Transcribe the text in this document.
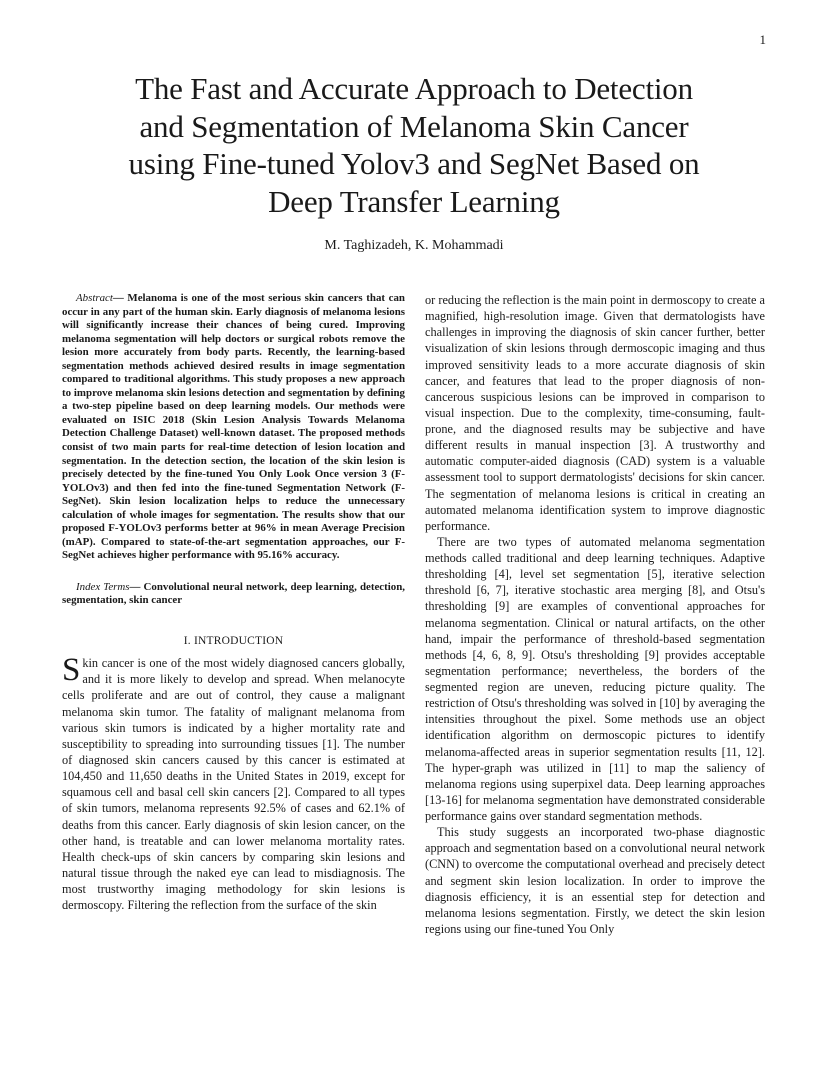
1
The Fast and Accurate Approach to Detection
and Segmentation of Melanoma Skin Cancer
using Fine-tuned Yolov3 and SegNet Based on
Deep Transfer Learning
M. Taghizadeh, K. Mohammadi

Abstract— Melanoma is one of the most serious skin cancers that can occur in any part of the human skin. Early diagnosis of melanoma lesions will significantly increase their chances of being cured. Improving melanoma segmentation will help doctors or surgical robots remove the lesion more accurately from body parts. Recently, the learning-based segmentation methods achieved desired results in image segmentation compared to traditional algorithms. This study proposes a new approach to improve melanoma skin lesions detection and segmentation by defining a two-step pipeline based on deep learning models. Our methods were evaluated on ISIC 2018 (Skin Lesion Analysis Towards Melanoma Detection Challenge Dataset) well-known dataset. The proposed methods consist of two main parts for real-time detection of lesion location and segmentation. In the detection section, the location of the skin lesion is precisely detected by the fine-tuned You Only Look Once version 3 (F-YOLOv3) and then fed into the fine-tuned Segmentation Network (F-SegNet). Skin lesion localization helps to reduce the unnecessary calculation of whole images for segmentation. The results show that our proposed F-YOLOv3 performs better at 96% in mean Average Precision (mAP). Compared to state-of-the-art segmentation approaches, our F-SegNet achieves higher performance with 95.16% accuracy.

Index Terms— Convolutional neural network, deep learning, detection, segmentation, skin cancer

I. INTRODUCTION

Skin cancer is one of the most widely diagnosed cancers globally, and it is more likely to develop and spread. When melanocyte cells proliferate and are out of control, they cause a malignant melanoma skin tumor. The fatality of malignant melanoma from various skin tumors is indicated by a higher mortality rate and susceptibility to spreading into surrounding tissues [1]. The number of diagnosed skin cancers caused by this cancer is estimated at 104,450 and 11,650 deaths in the United States in 2019, except for squamous cell and basal cell skin cancers [2]. Compared to all types of skin tumors, melanoma represents 92.5% of cases and 62.1% of deaths from this cancer. Early diagnosis of skin lesion cancer, on the other hand, is treatable and can lower melanoma mortality rates. Health check-ups of skin cancers by comparing skin lesions and natural tissue through the naked eye can lead to misdiagnosis. The most trustworthy imaging methodology for skin lesions is dermoscopy. Filtering the reflection from the surface of the skin

or reducing the reflection is the main point in dermoscopy to create a magnified, high-resolution image. Given that dermatologists have challenges in improving the diagnosis of skin cancer further, better visualization of skin lesions through dermoscopic imaging and thus improved sensitivity leads to a more accurate diagnosis of skin cancer, and features that lead to the proper diagnosis of non-cancerous suspicious lesions can be improved in comparison to visual inspection. Due to the complexity, time-consuming, fault-prone, and the diagnosed results may be subjective and have different results in manual inspection [3]. A trustworthy and automatic computer-aided diagnosis (CAD) system is a valuable assessment tool to support dermatologists' decisions for skin cancer. The segmentation of melanoma lesions is critical in creating an automated melanoma identification system to improve diagnostic performance.

There are two types of automated melanoma segmentation methods called traditional and deep learning techniques. Adaptive thresholding [4], level set segmentation [5], iterative selection threshold [6, 7], iterative stochastic area merging [8], and Otsu's thresholding [9] are examples of conventional approaches for melanoma segmentation. Clinical or natural artifacts, on the other hand, impair the performance of threshold-based segmentation methods [4, 6, 8, 9]. Otsu's thresholding [9] provides acceptable segmentation performance; nevertheless, the borders of the segmented region are uneven, reducing picture quality. The restriction of Otsu's thresholding was solved in [10] by averaging the intensities throughout the pixel. Some methods use an object identification algorithm on dermoscopic pictures to identify melanoma-affected areas in superior segmentation results [11, 12]. The hyper-graph was utilized in [11] to map the saliency of melanoma regions using superpixel data. Deep learning approaches [13-16] for melanoma segmentation have demonstrated considerable performance gains over standard segmentation methods.

This study suggests an incorporated two-phase diagnostic approach and segmentation based on a convolutional neural network (CNN) to overcome the computational overhead and precisely detect and segment skin lesion localization. In order to improve the diagnosis efficiency, it is an essential step for detection and melanoma lesions segmentation. Firstly, we detect the skin lesion regions using our fine-tuned You Only
